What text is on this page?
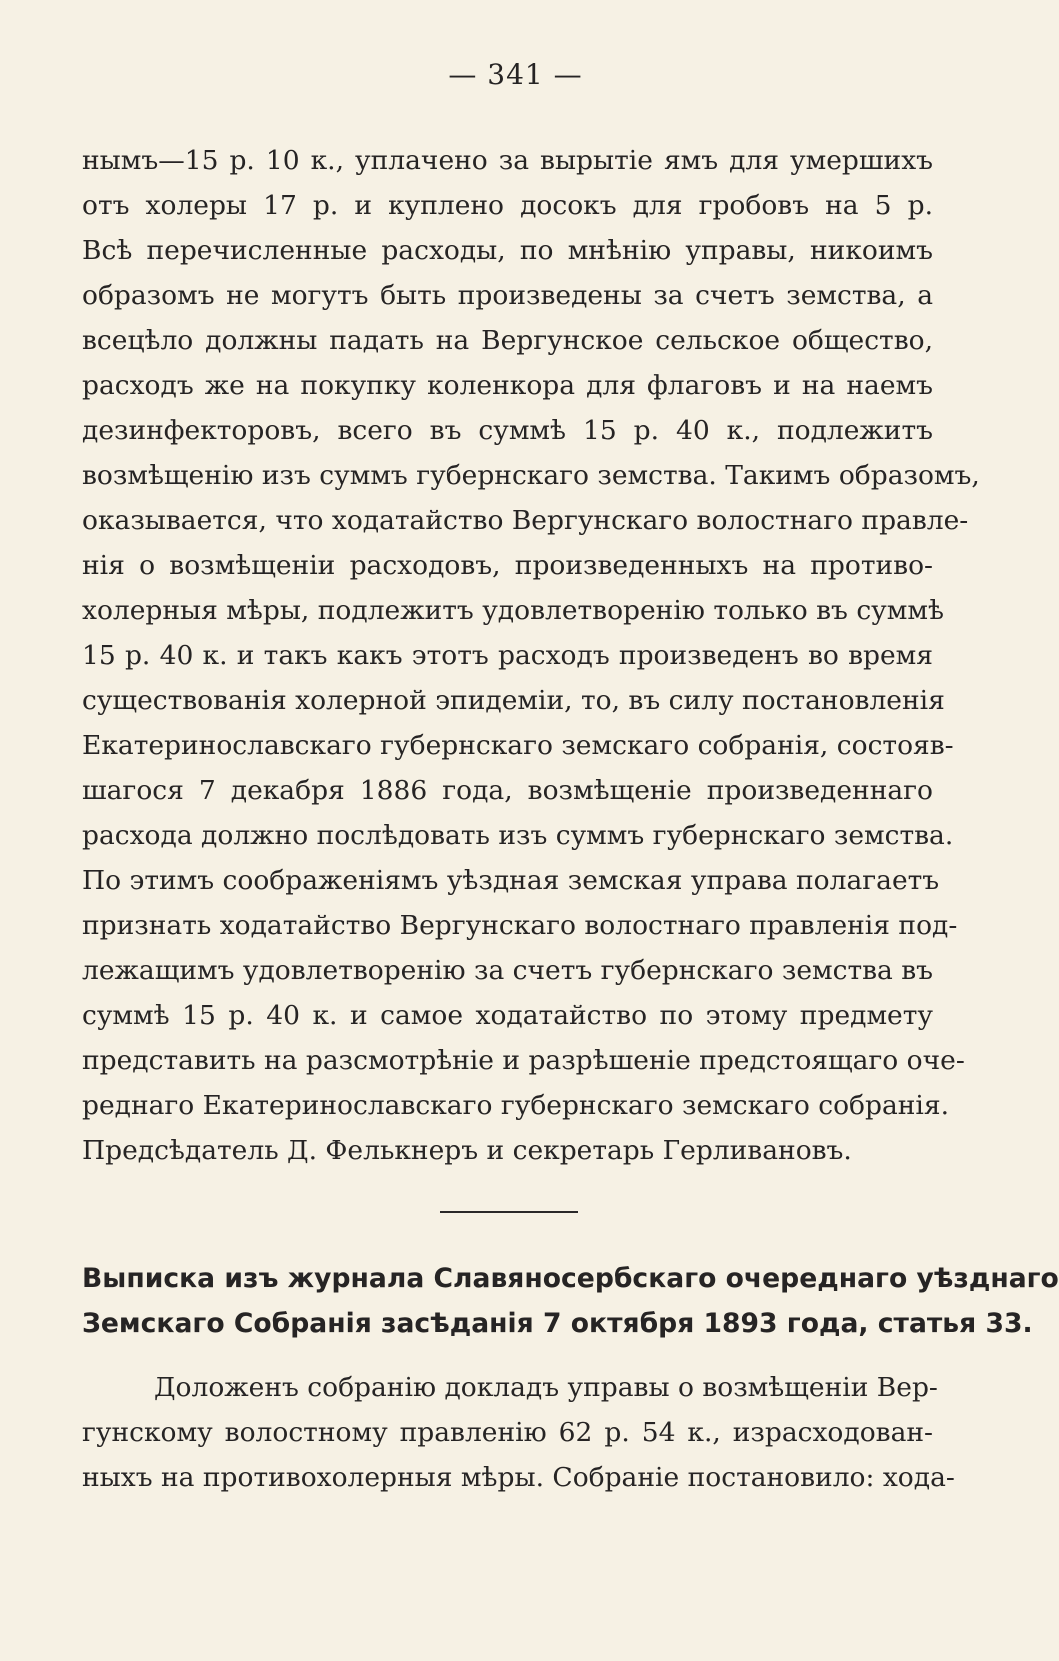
— 341 —
нымъ—15 р. 10 к., уплачено за вырытіе ямъ для умершихъ
отъ холеры 17 р. и куплено досокъ для гробовъ на 5 р.
Всѣ перечисленные расходы, по мнѣнію управы, никоимъ
образомъ не могутъ быть произведены за счетъ земства, а
всецѣло должны падать на Вергунское сельское общество,
расходъ же на покупку коленкора для флаговъ и на наемъ
дезинфекторовъ, всего въ суммѣ 15 р. 40 к., подлежитъ
возмѣщенію изъ суммъ губернскаго земства. Такимъ образомъ,
оказывается, что ходатайство Вергунскаго волостнаго правле-
нія о возмѣщеніи расходовъ, произведенныхъ на противо-
холерныя мѣры, подлежитъ удовлетворенію только въ суммѣ
15 р. 40 к. и такъ какъ этотъ расходъ произведенъ во время
существованія холерной эпидеміи, то, въ силу постановленія
Екатеринославскаго губернскаго земскаго собранія, состояв-
шагося 7 декабря 1886 года, возмѣщеніе произведеннаго
расхода должно послѣдовать изъ суммъ губернскаго земства.
По этимъ соображеніямъ уѣздная земская управа полагаетъ
признать ходатайство Вергунскаго волостнаго правленія под-
лежащимъ удовлетворенію за счетъ губернскаго земства въ
суммѣ 15 р. 40 к. и самое ходатайство по этому предмету
представить на разсмотрѣніе и разрѣшеніе предстоящаго оче-
реднаго Екатеринославскаго губернскаго земскаго собранія.
Предсѣдатель Д. Фелькнеръ и секретарь Герливановъ.
Выписка изъ журнала Славяносербскаго очереднаго уѣзднаго
Земскаго Собранія засѣданія 7 октября 1893 года, статья 33.
Доложенъ собранію докладъ управы о возмѣщеніи Вер-
гунскому волостному правленію 62 р. 54 к., израсходован-
ныхъ на противохолерныя мѣры. Собраніе постановило: хода-
